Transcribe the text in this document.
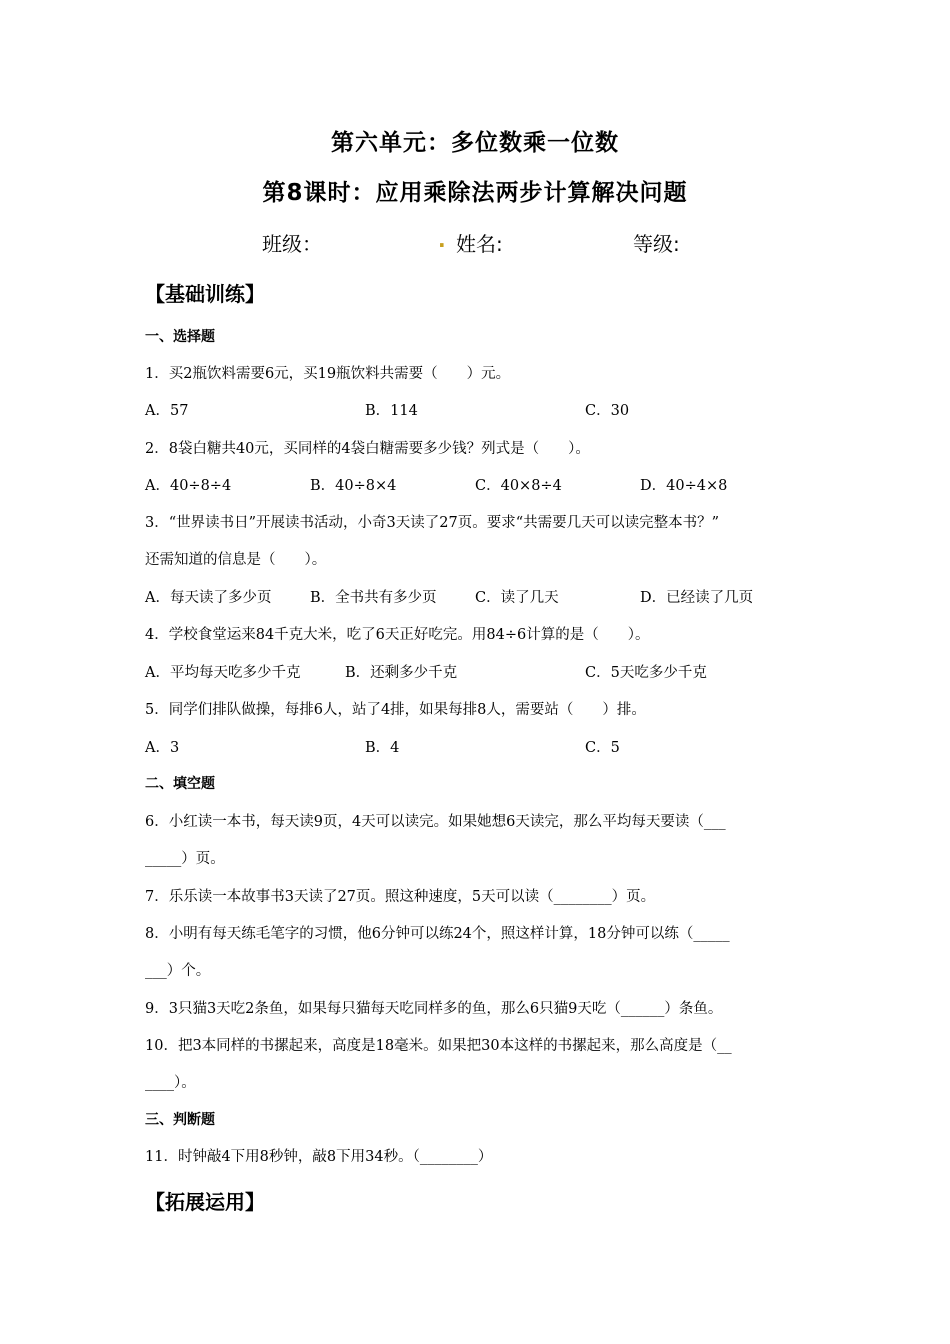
第六单元：多位数乘一位数
第8课时：应用乘除法两步计算解决问题
班级：	. 姓名:	等级:
【基础训练】
一、选择题
1．买2瓶饮料需要6元，买19瓶饮料共需要（　　）元。
A．57	B．114	C．30
2．8袋白糖共40元，买同样的4袋白糖需要多少钱？列式是（　　）。
A．40÷8÷4	B．40÷8×4	C．40×8÷4	D．40÷4×8
3．“世界读书日”开展读书活动，小奇3天读了27页。要求“共需要几天可以读完整本书？”
还需知道的信息是（　　）。
A．每天读了多少页	B．全书共有多少页	C．读了几天	D．已经读了几页
4．学校食堂运来84千克大米，吃了6天正好吃完。用84÷6计算的是（　　）。
A．平均每天吃多少千克	B．还剩多少千克	C．5天吃多少千克
5．同学们排队做操，每排6人，站了4排，如果每排8人，需要站（　　）排。
A．3	B．4	C．5
二、填空题
6．小红读一本书，每天读9页，4天可以读完。如果她想6天读完，那么平均每天要读（___
_____）页。
7．乐乐读一本故事书3天读了27页。照这种速度，5天可以读（________）页。
8．小明有每天练毛笔字的习惯，他6分钟可以练24个，照这样计算，18分钟可以练（_____
___）个。
9．3只猫3天吃2条鱼，如果每只猫每天吃同样多的鱼，那么6只猫9天吃（______）条鱼。
10．把3本同样的书摞起来，高度是18毫米。如果把30本这样的书摞起来，那么高度是（__
____）。
三、判断题
11．时钟敲4下用8秒钟，敲8下用34秒。（________）
【拓展运用】
